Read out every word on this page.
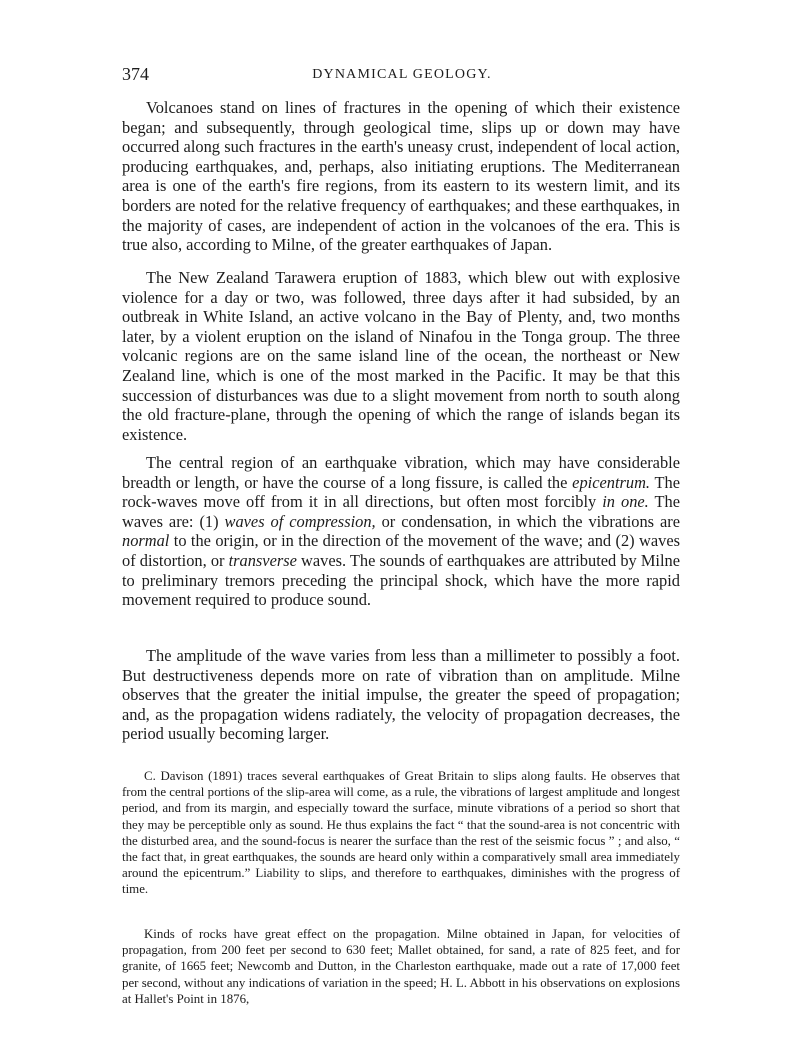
374	DYNAMICAL GEOLOGY.

Volcanoes stand on lines of fractures in the opening of which their existence began; and subsequently, through geological time, slips up or down may have occurred along such fractures in the earth's uneasy crust, independent of local action, producing earthquakes, and, perhaps, also initiating eruptions. The Mediterranean area is one of the earth's fire regions, from its eastern to its western limit, and its borders are noted for the relative frequency of earthquakes; and these earthquakes, in the majority of cases, are independent of action in the volcanoes of the era. This is true also, according to Milne, of the greater earthquakes of Japan.

The New Zealand Tarawera eruption of 1883, which blew out with explosive violence for a day or two, was followed, three days after it had subsided, by an outbreak in White Island, an active volcano in the Bay of Plenty, and, two months later, by a violent eruption on the island of Ninafou in the Tonga group. The three volcanic regions are on the same island line of the ocean, the northeast or New Zealand line, which is one of the most marked in the Pacific. It may be that this succession of disturbances was due to a slight movement from north to south along the old fracture-plane, through the opening of which the range of islands began its existence.

The central region of an earthquake vibration, which may have considerable breadth or length, or have the course of a long fissure, is called the epicentrum. The rock-waves move off from it in all directions, but often most forcibly in one. The waves are: (1) waves of compression, or condensation, in which the vibrations are normal to the origin, or in the direction of the movement of the wave; and (2) waves of distortion, or transverse waves. The sounds of earthquakes are attributed by Milne to preliminary tremors preceding the principal shock, which have the more rapid movement required to produce sound.

The amplitude of the wave varies from less than a millimeter to possibly a foot. But destructiveness depends more on rate of vibration than on amplitude. Milne observes that the greater the initial impulse, the greater the speed of propagation; and, as the propagation widens radiately, the velocity of propagation decreases, the period usually becoming larger.

C. Davison (1891) traces several earthquakes of Great Britain to slips along faults. He observes that from the central portions of the slip-area will come, as a rule, the vibrations of largest amplitude and longest period, and from its margin, and especially toward the surface, minute vibrations of a period so short that they may be perceptible only as sound. He thus explains the fact “ that the sound-area is not concentric with the disturbed area, and the sound-focus is nearer the surface than the rest of the seismic focus ” ; and also, “ the fact that, in great earthquakes, the sounds are heard only within a comparatively small area immediately around the epicentrum.” Liability to slips, and therefore to earthquakes, diminishes with the progress of time.

Kinds of rocks have great effect on the propagation. Milne obtained in Japan, for velocities of propagation, from 200 feet per second to 630 feet; Mallet obtained, for sand, a rate of 825 feet, and for granite, of 1665 feet; Newcomb and Dutton, in the Charleston earthquake, made out a rate of 17,000 feet per second, without any indications of variation in the speed; H. L. Abbott in his observations on explosions at Hallet's Point in 1876,
